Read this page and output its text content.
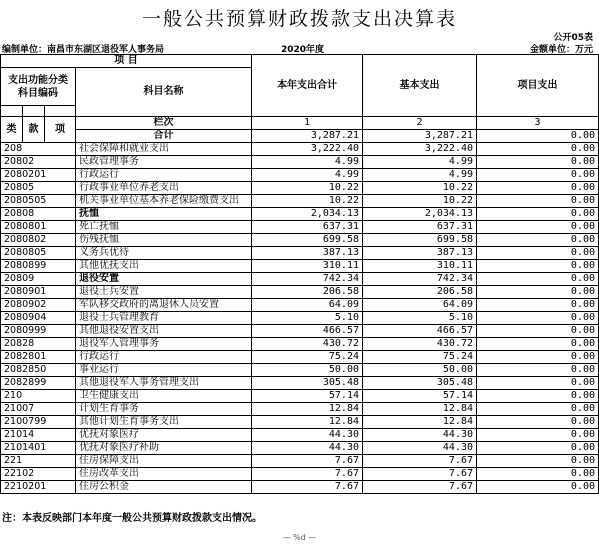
一般公共预算财政拨款支出决算表
公开05表
编制单位：南昌市东湖区退役军人事务局	2020年度	金额单位：万元
项 目				本年支出合计	基本支出	项目支出
支出功能分类科目编码			科目名称			

类	款	项	栏次	1	2	3
			合计	3,287.21	3,287.21	0.00
208			社会保障和就业支出	3,222.40	3,222.40	0.00
20802			民政管理事务	4.99	4.99	0.00
2080201			行政运行	4.99	4.99	0.00
20805			行政事业单位养老支出	10.22	10.22	0.00
2080505			机关事业单位基本养老保险缴费支出	10.22	10.22	0.00
20808			抚恤	2,034.13	2,034.13	0.00
2080801			死亡抚恤	637.31	637.31	0.00
2080802			伤残抚恤	699.58	699.58	0.00
2080805			义务兵优待	387.13	387.13	0.00
2080899			其他优抚支出	310.11	310.11	0.00
20809			退役安置	742.34	742.34	0.00
2080901			退役士兵安置	206.58	206.58	0.00
2080902			军队移交政府的离退休人员安置	64.09	64.09	0.00
2080904			退役士兵管理教育	5.10	5.10	0.00
2080999			其他退役安置支出	466.57	466.57	0.00
20828			退役军人管理事务	430.72	430.72	0.00
2082801			行政运行	75.24	75.24	0.00
2082850			事业运行	50.00	50.00	0.00
2082899			其他退役军人事务管理支出	305.48	305.48	0.00
210			卫生健康支出	57.14	57.14	0.00
21007			计划生育事务	12.84	12.84	0.00
2100799			其他计划生育事务支出	12.84	12.84	0.00
21014			优抚对象医疗	44.30	44.30	0.00
2101401			优抚对象医疗补助	44.30	44.30	0.00
221			住房保障支出	7.67	7.67	0.00
22102			住房改革支出	7.67	7.67	0.00
2210201			住房公积金	7.67	7.67	0.00
注：本表反映部门本年度一般公共预算财政拨款支出情况。
— %d —
